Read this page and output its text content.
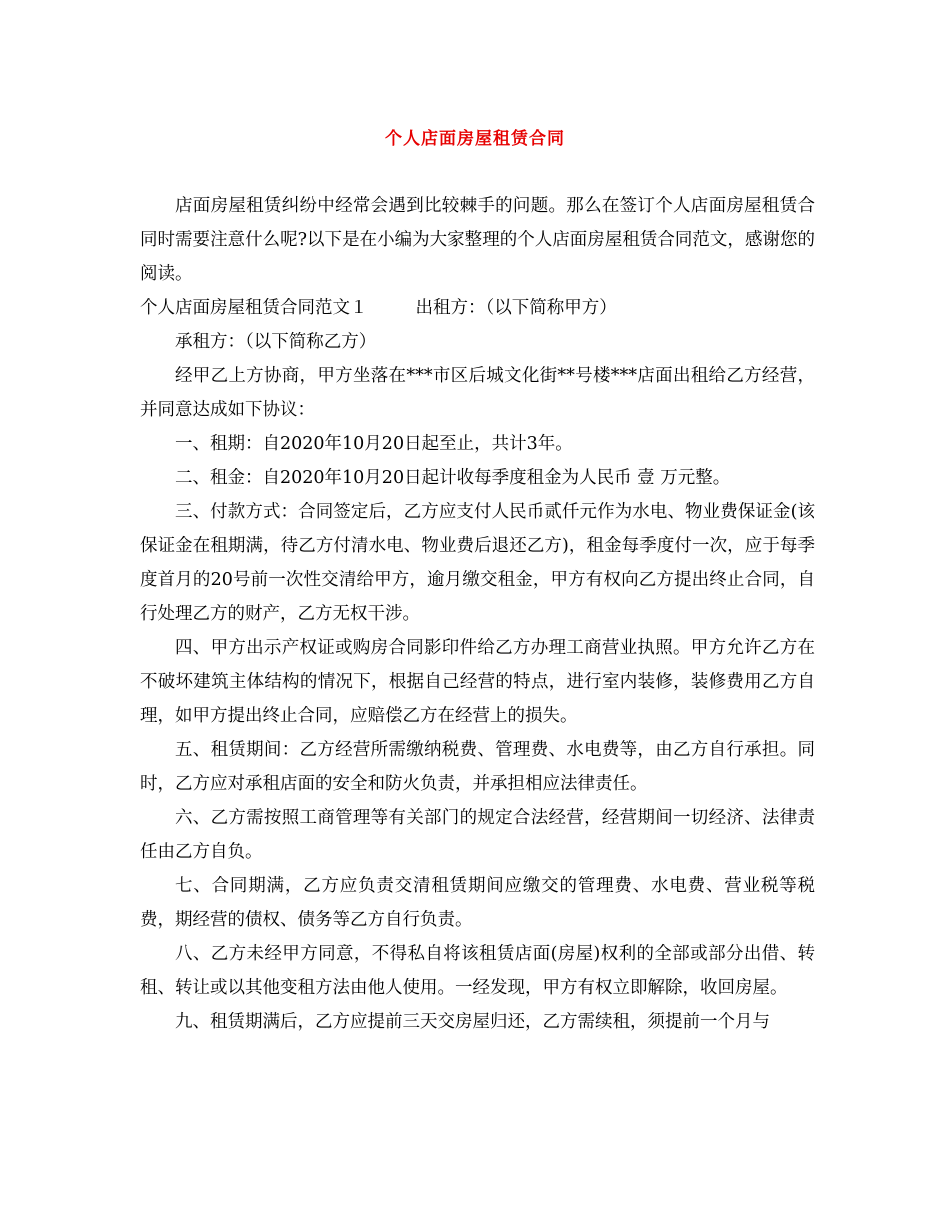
个人店面房屋租赁合同

店面房屋租赁纠纷中经常会遇到比较棘手的问题。那么在签订个人店面房屋租赁合同时需要注意什么呢?以下是在小编为大家整理的个人店面房屋租赁合同范文，感谢您的阅读。

个人店面房屋租赁合同范文１	出租方：（以下简称甲方）

承租方：（以下简称乙方）

经甲乙上方协商，甲方坐落在***市区后城文化街**号楼***店面出租给乙方经营，并同意达成如下协议：

一、租期：自2020年10月20日起至止，共计3年。

二、租金：自2020年10月20日起计收每季度租金为人民币 壹 万元整。

三、付款方式：合同签定后，乙方应支付人民币贰仟元作为水电、物业费保证金(该保证金在租期满，待乙方付清水电、物业费后退还乙方)，租金每季度付一次，应于每季度首月的20号前一次性交清给甲方，逾月缴交租金，甲方有权向乙方提出终止合同，自行处理乙方的财产，乙方无权干涉。

四、甲方出示产权证或购房合同影印件给乙方办理工商营业执照。甲方允许乙方在不破坏建筑主体结构的情况下，根据自己经营的特点，进行室内装修，装修费用乙方自理，如甲方提出终止合同，应赔偿乙方在经营上的损失。

五、租赁期间：乙方经营所需缴纳税费、管理费、水电费等，由乙方自行承担。同时，乙方应对承租店面的安全和防火负责，并承担相应法律责任。

六、乙方需按照工商管理等有关部门的规定合法经营，经营期间一切经济、法律责任由乙方自负。

七、合同期满，乙方应负责交清租赁期间应缴交的管理费、水电费、营业税等税费，期经营的债权、债务等乙方自行负责。

八、乙方未经甲方同意，不得私自将该租赁店面(房屋)权利的全部或部分出借、转租、转让或以其他变租方法由他人使用。一经发现，甲方有权立即解除，收回房屋。

九、租赁期满后，乙方应提前三天交房屋归还，乙方需续租，须提前一个月与
